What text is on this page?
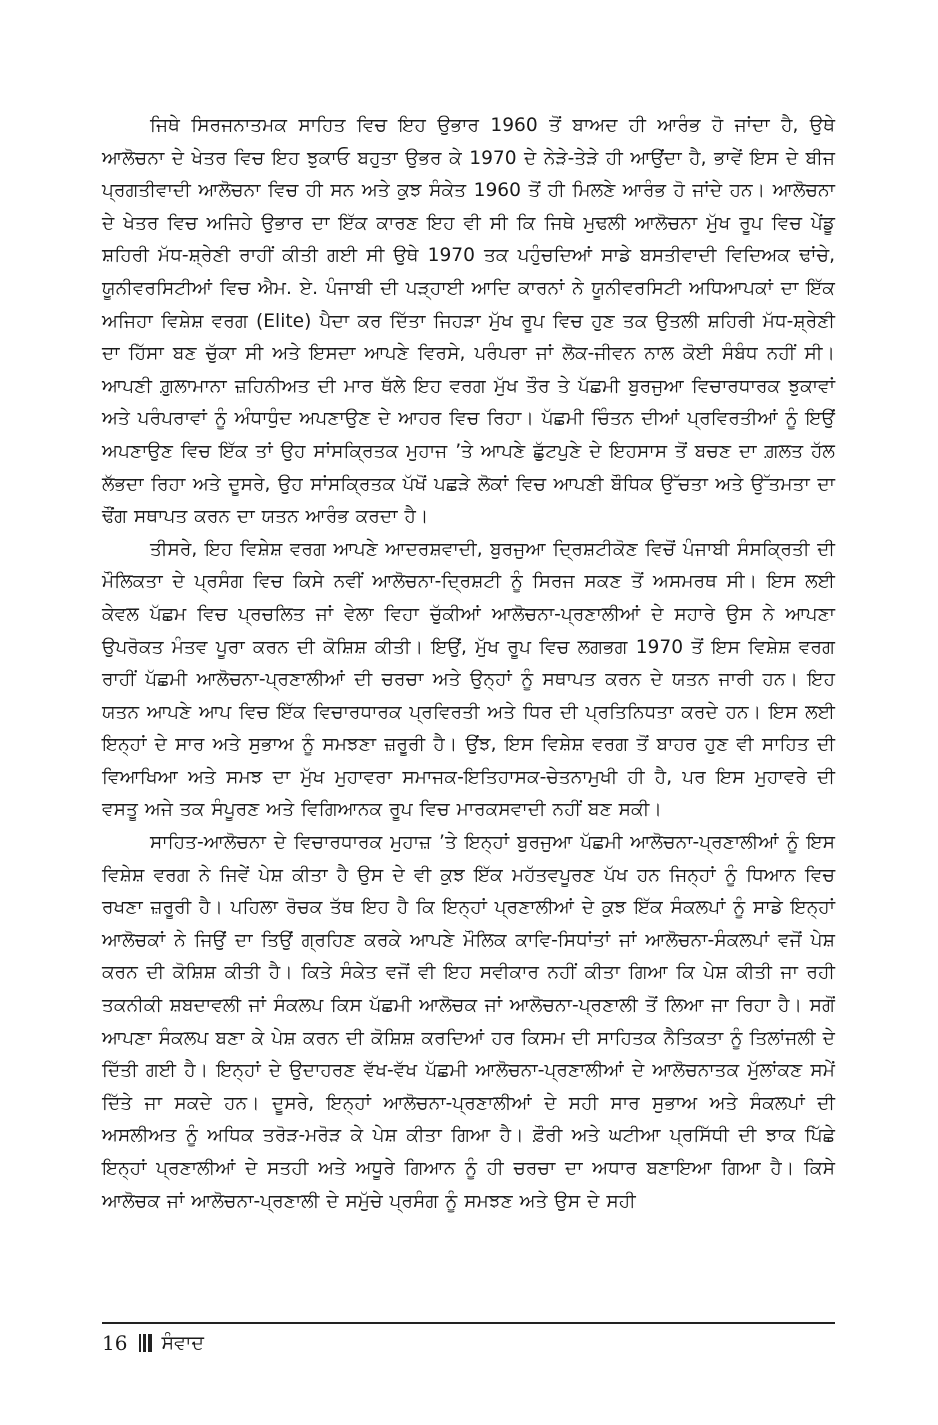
ਜਿਥੇ ਸਿਰਜਨਾਤਮਕ ਸਾਹਿਤ ਵਿਚ ਇਹ ਉਭਾਰ 1960 ਤੋਂ ਬਾਅਦ ਹੀ ਆਰੰਭ ਹੋ ਜਾਂਦਾ ਹੈ, ਉਥੇ ਆਲੋਚਨਾ ਦੇ ਖੇਤਰ ਵਿਚ ਇਹ ਝੁਕਾਓ ਬਹੁਤਾ ਉਭਰ ਕੇ 1970 ਦੇ ਨੇੜੇ-ਤੇੜੇ ਹੀ ਆਉਂਦਾ ਹੈ, ਭਾਵੇਂ ਇਸ ਦੇ ਬੀਜ ਪ੍ਰਗਤੀਵਾਦੀ ਆਲੋਚਨਾ ਵਿਚ ਹੀ ਸਨ ਅਤੇ ਕੁਝ ਸੰਕੇਤ 1960 ਤੋਂ ਹੀ ਮਿਲਣੇ ਆਰੰਭ ਹੋ ਜਾਂਦੇ ਹਨ। ਆਲੋਚਨਾ ਦੇ ਖੇਤਰ ਵਿਚ ਅਜਿਹੇ ਉਭਾਰ ਦਾ ਇੱਕ ਕਾਰਣ ਇਹ ਵੀ ਸੀ ਕਿ ਜਿਥੇ ਮੁਢਲੀ ਆਲੋਚਨਾ ਮੁੱਖ ਰੂਪ ਵਿਚ ਪੇਂਡੂ ਸ਼ਹਿਰੀ ਮੱਧ-ਸ਼੍ਰੇਣੀ ਰਾਹੀਂ ਕੀਤੀ ਗਈ ਸੀ ਉਥੇ 1970 ਤਕ ਪਹੁੰਚਦਿਆਂ ਸਾਡੇ ਬਸਤੀਵਾਦੀ ਵਿਦਿਅਕ ਢਾਂਚੇ, ਯੂਨੀਵਰਸਿਟੀਆਂ ਵਿਚ ਐਮ. ਏ. ਪੰਜਾਬੀ ਦੀ ਪੜ੍ਹਾਈ ਆਦਿ ਕਾਰਨਾਂ ਨੇ ਯੂਨੀਵਰਸਿਟੀ ਅਧਿਆਪਕਾਂ ਦਾ ਇੱਕ ਅਜਿਹਾ ਵਿਸ਼ੇਸ਼ ਵਰਗ (Elite) ਪੈਦਾ ਕਰ ਦਿੱਤਾ ਜਿਹੜਾ ਮੁੱਖ ਰੂਪ ਵਿਚ ਹੁਣ ਤਕ ਉਤਲੀ ਸ਼ਹਿਰੀ ਮੱਧ-ਸ਼੍ਰੇਣੀ ਦਾ ਹਿੱਸਾ ਬਣ ਚੁੱਕਾ ਸੀ ਅਤੇ ਇਸਦਾ ਆਪਣੇ ਵਿਰਸੇ, ਪਰੰਪਰਾ ਜਾਂ ਲੋਕ-ਜੀਵਨ ਨਾਲ ਕੋਈ ਸੰਬੰਧ ਨਹੀਂ ਸੀ। ਆਪਣੀ ਗ਼ੁਲਾਮਾਨਾ ਜ਼ਹਿਨੀਅਤ ਦੀ ਮਾਰ ਥੱਲੇ ਇਹ ਵਰਗ ਮੁੱਖ ਤੌਰ ਤੇ ਪੱਛਮੀ ਬੁਰਜੁਆ ਵਿਚਾਰਧਾਰਕ ਝੁਕਾਵਾਂ ਅਤੇ ਪਰੰਪਰਾਵਾਂ ਨੂੰ ਅੰਧਾਧੁੰਦ ਅਪਣਾਉਣ ਦੇ ਆਹਰ ਵਿਚ ਰਿਹਾ। ਪੱਛਮੀ ਚਿੰਤਨ ਦੀਆਂ ਪ੍ਰਵਿਰਤੀਆਂ ਨੂੰ ਇਉਂ ਅਪਣਾਉਣ ਵਿਚ ਇੱਕ ਤਾਂ ਉਹ ਸਾਂਸਕ੍ਰਿਤਕ ਮੁਹਾਜ ’ਤੇ ਆਪਣੇ ਛੁੱਟਪੁਣੇ ਦੇ ਇਹਸਾਸ ਤੋਂ ਬਚਣ ਦਾ ਗ਼ਲਤ ਹੱਲ ਲੱਭਦਾ ਰਿਹਾ ਅਤੇ ਦੂਸਰੇ, ਉਹ ਸਾਂਸਕ੍ਰਿਤਕ ਪੱਖੋਂ ਪਛੜੇ ਲੋਕਾਂ ਵਿਚ ਆਪਣੀ ਬੌਧਿਕ ਉੱਚਤਾ ਅਤੇ ਉੱਤਮਤਾ ਦਾ ਢੌਂਗ ਸਥਾਪਤ ਕਰਨ ਦਾ ਯਤਨ ਆਰੰਭ ਕਰਦਾ ਹੈ।

ਤੀਸਰੇ, ਇਹ ਵਿਸ਼ੇਸ਼ ਵਰਗ ਆਪਣੇ ਆਦਰਸ਼ਵਾਦੀ, ਬੁਰਜੁਆ ਦ੍ਰਿਸ਼ਟੀਕੋਣ ਵਿਚੋਂ ਪੰਜਾਬੀ ਸੰਸਕ੍ਰਿਤੀ ਦੀ ਮੌਲਿਕਤਾ ਦੇ ਪ੍ਰਸੰਗ ਵਿਚ ਕਿਸੇ ਨਵੀਂ ਆਲੋਚਨਾ-ਦ੍ਰਿਸ਼ਟੀ ਨੂੰ ਸਿਰਜ ਸਕਣ ਤੋਂ ਅਸਮਰਥ ਸੀ। ਇਸ ਲਈ ਕੇਵਲ ਪੱਛਮ ਵਿਚ ਪ੍ਰਚਲਿਤ ਜਾਂ ਵੇਲਾ ਵਿਹਾ ਚੁੱਕੀਆਂ ਆਲੋਚਨਾ-ਪ੍ਰਣਾਲੀਆਂ ਦੇ ਸਹਾਰੇ ਉਸ ਨੇ ਆਪਣਾ ਉਪਰੋਕਤ ਮੰਤਵ ਪੂਰਾ ਕਰਨ ਦੀ ਕੋਸ਼ਿਸ਼ ਕੀਤੀ। ਇਉਂ, ਮੁੱਖ ਰੂਪ ਵਿਚ ਲਗਭਗ 1970 ਤੋਂ ਇਸ ਵਿਸ਼ੇਸ਼ ਵਰਗ ਰਾਹੀਂ ਪੱਛਮੀ ਆਲੋਚਨਾ-ਪ੍ਰਣਾਲੀਆਂ ਦੀ ਚਰਚਾ ਅਤੇ ਉਨ੍ਹਾਂ ਨੂੰ ਸਥਾਪਤ ਕਰਨ ਦੇ ਯਤਨ ਜਾਰੀ ਹਨ। ਇਹ ਯਤਨ ਆਪਣੇ ਆਪ ਵਿਚ ਇੱਕ ਵਿਚਾਰਧਾਰਕ ਪ੍ਰਵਿਰਤੀ ਅਤੇ ਧਿਰ ਦੀ ਪ੍ਰਤਿਨਿਧਤਾ ਕਰਦੇ ਹਨ। ਇਸ ਲਈ ਇਨ੍ਹਾਂ ਦੇ ਸਾਰ ਅਤੇ ਸੁਭਾਅ ਨੂੰ ਸਮਝਣਾ ਜ਼ਰੂਰੀ ਹੈ। ਉਂਝ, ਇਸ ਵਿਸ਼ੇਸ਼ ਵਰਗ ਤੋਂ ਬਾਹਰ ਹੁਣ ਵੀ ਸਾਹਿਤ ਦੀ ਵਿਆਖਿਆ ਅਤੇ ਸਮਝ ਦਾ ਮੁੱਖ ਮੁਹਾਵਰਾ ਸਮਾਜਕ-ਇਤਿਹਾਸਕ-ਚੇਤਨਾਮੁਖੀ ਹੀ ਹੈ, ਪਰ ਇਸ ਮੁਹਾਵਰੇ ਦੀ ਵਸਤੂ ਅਜੇ ਤਕ ਸੰਪੂਰਣ ਅਤੇ ਵਿਗਿਆਨਕ ਰੂਪ ਵਿਚ ਮਾਰਕਸਵਾਦੀ ਨਹੀਂ ਬਣ ਸਕੀ।

ਸਾਹਿਤ-ਆਲੋਚਨਾ ਦੇ ਵਿਚਾਰਧਾਰਕ ਮੁਹਾਜ਼ ’ਤੇ ਇਨ੍ਹਾਂ ਬੁਰਜੁਆ ਪੱਛਮੀ ਆਲੋਚਨਾ-ਪ੍ਰਣਾਲੀਆਂ ਨੂੰ ਇਸ ਵਿਸ਼ੇਸ਼ ਵਰਗ ਨੇ ਜਿਵੇਂ ਪੇਸ਼ ਕੀਤਾ ਹੈ ਉਸ ਦੇ ਵੀ ਕੁਝ ਇੱਕ ਮਹੱਤਵਪੂਰਣ ਪੱਖ ਹਨ ਜਿਨ੍ਹਾਂ ਨੂੰ ਧਿਆਨ ਵਿਚ ਰਖਣਾ ਜ਼ਰੂਰੀ ਹੈ। ਪਹਿਲਾ ਰੋਚਕ ਤੱਥ ਇਹ ਹੈ ਕਿ ਇਨ੍ਹਾਂ ਪ੍ਰਣਾਲੀਆਂ ਦੇ ਕੁਝ ਇੱਕ ਸੰਕਲਪਾਂ ਨੂੰ ਸਾਡੇ ਇਨ੍ਹਾਂ ਆਲੋਚਕਾਂ ਨੇ ਜਿਉਂ ਦਾ ਤਿਉਂ ਗ੍ਰਹਿਣ ਕਰਕੇ ਆਪਣੇ ਮੌਲਿਕ ਕਾਵਿ-ਸਿਧਾਂਤਾਂ ਜਾਂ ਆਲੋਚਨਾ-ਸੰਕਲਪਾਂ ਵਜੋਂ ਪੇਸ਼ ਕਰਨ ਦੀ ਕੋਸ਼ਿਸ਼ ਕੀਤੀ ਹੈ। ਕਿਤੇ ਸੰਕੇਤ ਵਜੋਂ ਵੀ ਇਹ ਸਵੀਕਾਰ ਨਹੀਂ ਕੀਤਾ ਗਿਆ ਕਿ ਪੇਸ਼ ਕੀਤੀ ਜਾ ਰਹੀ ਤਕਨੀਕੀ ਸ਼ਬਦਾਵਲੀ ਜਾਂ ਸੰਕਲਪ ਕਿਸ ਪੱਛਮੀ ਆਲੋਚਕ ਜਾਂ ਆਲੋਚਨਾ-ਪ੍ਰਣਾਲੀ ਤੋਂ ਲਿਆ ਜਾ ਰਿਹਾ ਹੈ। ਸਗੋਂ ਆਪਣਾ ਸੰਕਲਪ ਬਣਾ ਕੇ ਪੇਸ਼ ਕਰਨ ਦੀ ਕੋਸ਼ਿਸ਼ ਕਰਦਿਆਂ ਹਰ ਕਿਸਮ ਦੀ ਸਾਹਿਤਕ ਨੈਤਿਕਤਾ ਨੂੰ ਤਿਲਾਂਜਲੀ ਦੇ ਦਿੱਤੀ ਗਈ ਹੈ। ਇਨ੍ਹਾਂ ਦੇ ਉਦਾਹਰਣ ਵੱਖ-ਵੱਖ ਪੱਛਮੀ ਆਲੋਚਨਾ-ਪ੍ਰਣਾਲੀਆਂ ਦੇ ਆਲੋਚਨਾਤਕ ਮੁੱਲਾਂਕਣ ਸਮੇਂ ਦਿੱਤੇ ਜਾ ਸਕਦੇ ਹਨ। ਦੂਸਰੇ, ਇਨ੍ਹਾਂ ਆਲੋਚਨਾ-ਪ੍ਰਣਾਲੀਆਂ ਦੇ ਸਹੀ ਸਾਰ ਸੁਭਾਅ ਅਤੇ ਸੰਕਲਪਾਂ ਦੀ ਅਸਲੀਅਤ ਨੂੰ ਅਧਿਕ ਤਰੋੜ-ਮਰੋੜ ਕੇ ਪੇਸ਼ ਕੀਤਾ ਗਿਆ ਹੈ। ਫ਼ੌਰੀ ਅਤੇ ਘਟੀਆ ਪ੍ਰਸਿੱਧੀ ਦੀ ਝਾਕ ਪਿੱਛੇ ਇਨ੍ਹਾਂ ਪ੍ਰਣਾਲੀਆਂ ਦੇ ਸਤਹੀ ਅਤੇ ਅਧੂਰੇ ਗਿਆਨ ਨੂੰ ਹੀ ਚਰਚਾ ਦਾ ਅਧਾਰ ਬਣਾਇਆ ਗਿਆ ਹੈ। ਕਿਸੇ ਆਲੋਚਕ ਜਾਂ ਆਲੋਚਨਾ-ਪ੍ਰਣਾਲੀ ਦੇ ਸਮੁੱਚੇ ਪ੍ਰਸੰਗ ਨੂੰ ਸਮਝਣ ਅਤੇ ਉਸ ਦੇ ਸਹੀ

16 ਸੰਵਾਦ
